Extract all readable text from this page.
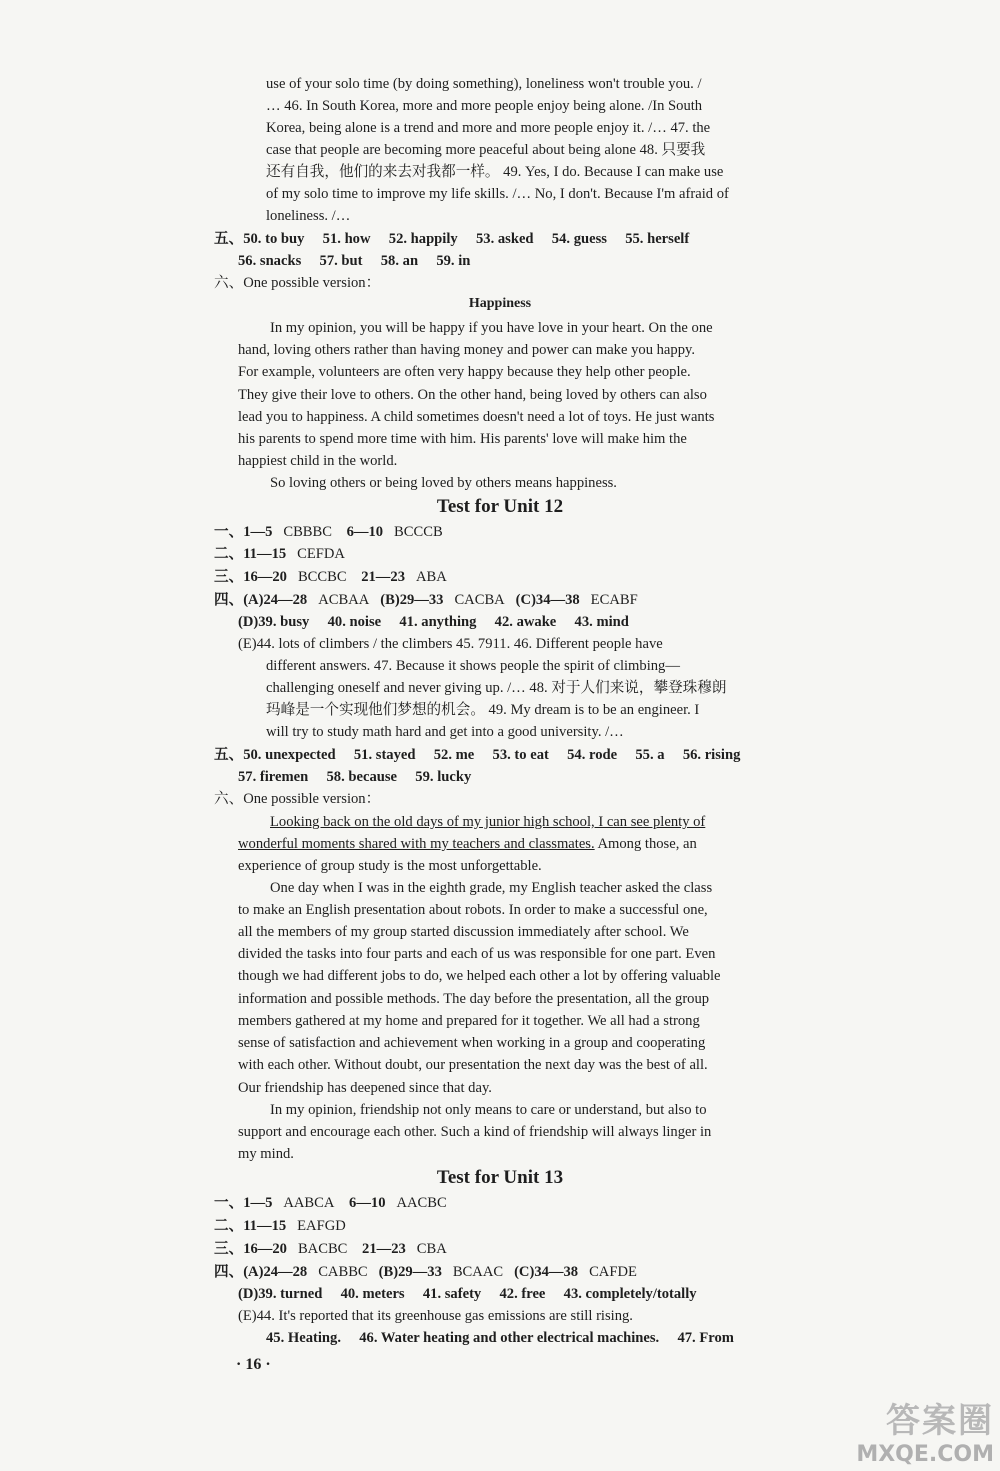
use of your solo time (by doing something), loneliness won't trouble you. /
… 46. In South Korea, more and more people enjoy being alone. /In South
Korea, being alone is a trend and more and more people enjoy it. /… 47. the
case that people are becoming more peaceful about being alone 48. 只要我
还有自我，他们的来去对我都一样。 49. Yes, I do. Because I can make use
of my solo time to improve my life skills. /… No, I don't. Because I'm afraid of
loneliness. /…
五、50. to buy 51. how 52. happily 53. asked 54. guess 55. herself
56. snacks 57. but 58. an 59. in
六、One possible version：
Happiness
In my opinion, you will be happy if you have love in your heart. On the one
hand, loving others rather than having money and power can make you happy.
For example, volunteers are often very happy because they help other people.
They give their love to others. On the other hand, being loved by others can also
lead you to happiness. A child sometimes doesn't need a lot of toys. He just wants
his parents to spend more time with him. His parents' love will make him the
happiest child in the world.
So loving others or being loved by others means happiness.
Test for Unit 12
一、1—5 CBBBC 6—10 BCCCB
二、11—15 CEFDA
三、16—20 BCCBC 21—23 ABA
四、(A)24—28 ACBAA (B)29—33 CACBA (C)34—38 ECABF
(D)39. busy 40. noise 41. anything 42. awake 43. mind
(E)44. lots of climbers / the climbers 45. 7911. 46. Different people have
different answers. 47. Because it shows people the spirit of climbing—
challenging oneself and never giving up. /… 48. 对于人们来说，攀登珠穆朗
玛峰是一个实现他们梦想的机会。 49. My dream is to be an engineer. I
will try to study math hard and get into a good university. /…
五、50. unexpected 51. stayed 52. me 53. to eat 54. rode 55. a 56. rising
57. firemen 58. because 59. lucky
六、One possible version：
Looking back on the old days of my junior high school, I can see plenty of
wonderful moments shared with my teachers and classmates. Among those, an
experience of group study is the most unforgettable.
One day when I was in the eighth grade, my English teacher asked the class
to make an English presentation about robots. In order to make a successful one,
all the members of my group started discussion immediately after school. We
divided the tasks into four parts and each of us was responsible for one part. Even
though we had different jobs to do, we helped each other a lot by offering valuable
information and possible methods. The day before the presentation, all the group
members gathered at my home and prepared for it together. We all had a strong
sense of satisfaction and achievement when working in a group and cooperating
with each other. Without doubt, our presentation the next day was the best of all.
Our friendship has deepened since that day.
In my opinion, friendship not only means to care or understand, but also to
support and encourage each other. Such a kind of friendship will always linger in
my mind.
Test for Unit 13
一、1—5 AABCA 6—10 AACBC
二、11—15 EAFGD
三、16—20 BACBC 21—23 CBA
四、(A)24—28 CABBC (B)29—33 BCAAC (C)34—38 CAFDE
(D)39. turned 40. meters 41. safety 42. free 43. completely/totally
(E)44. It's reported that its greenhouse gas emissions are still rising.
45. Heating. 46. Water heating and other electrical machines. 47. From
· 16 ·
答案圈
MXQE.COM
